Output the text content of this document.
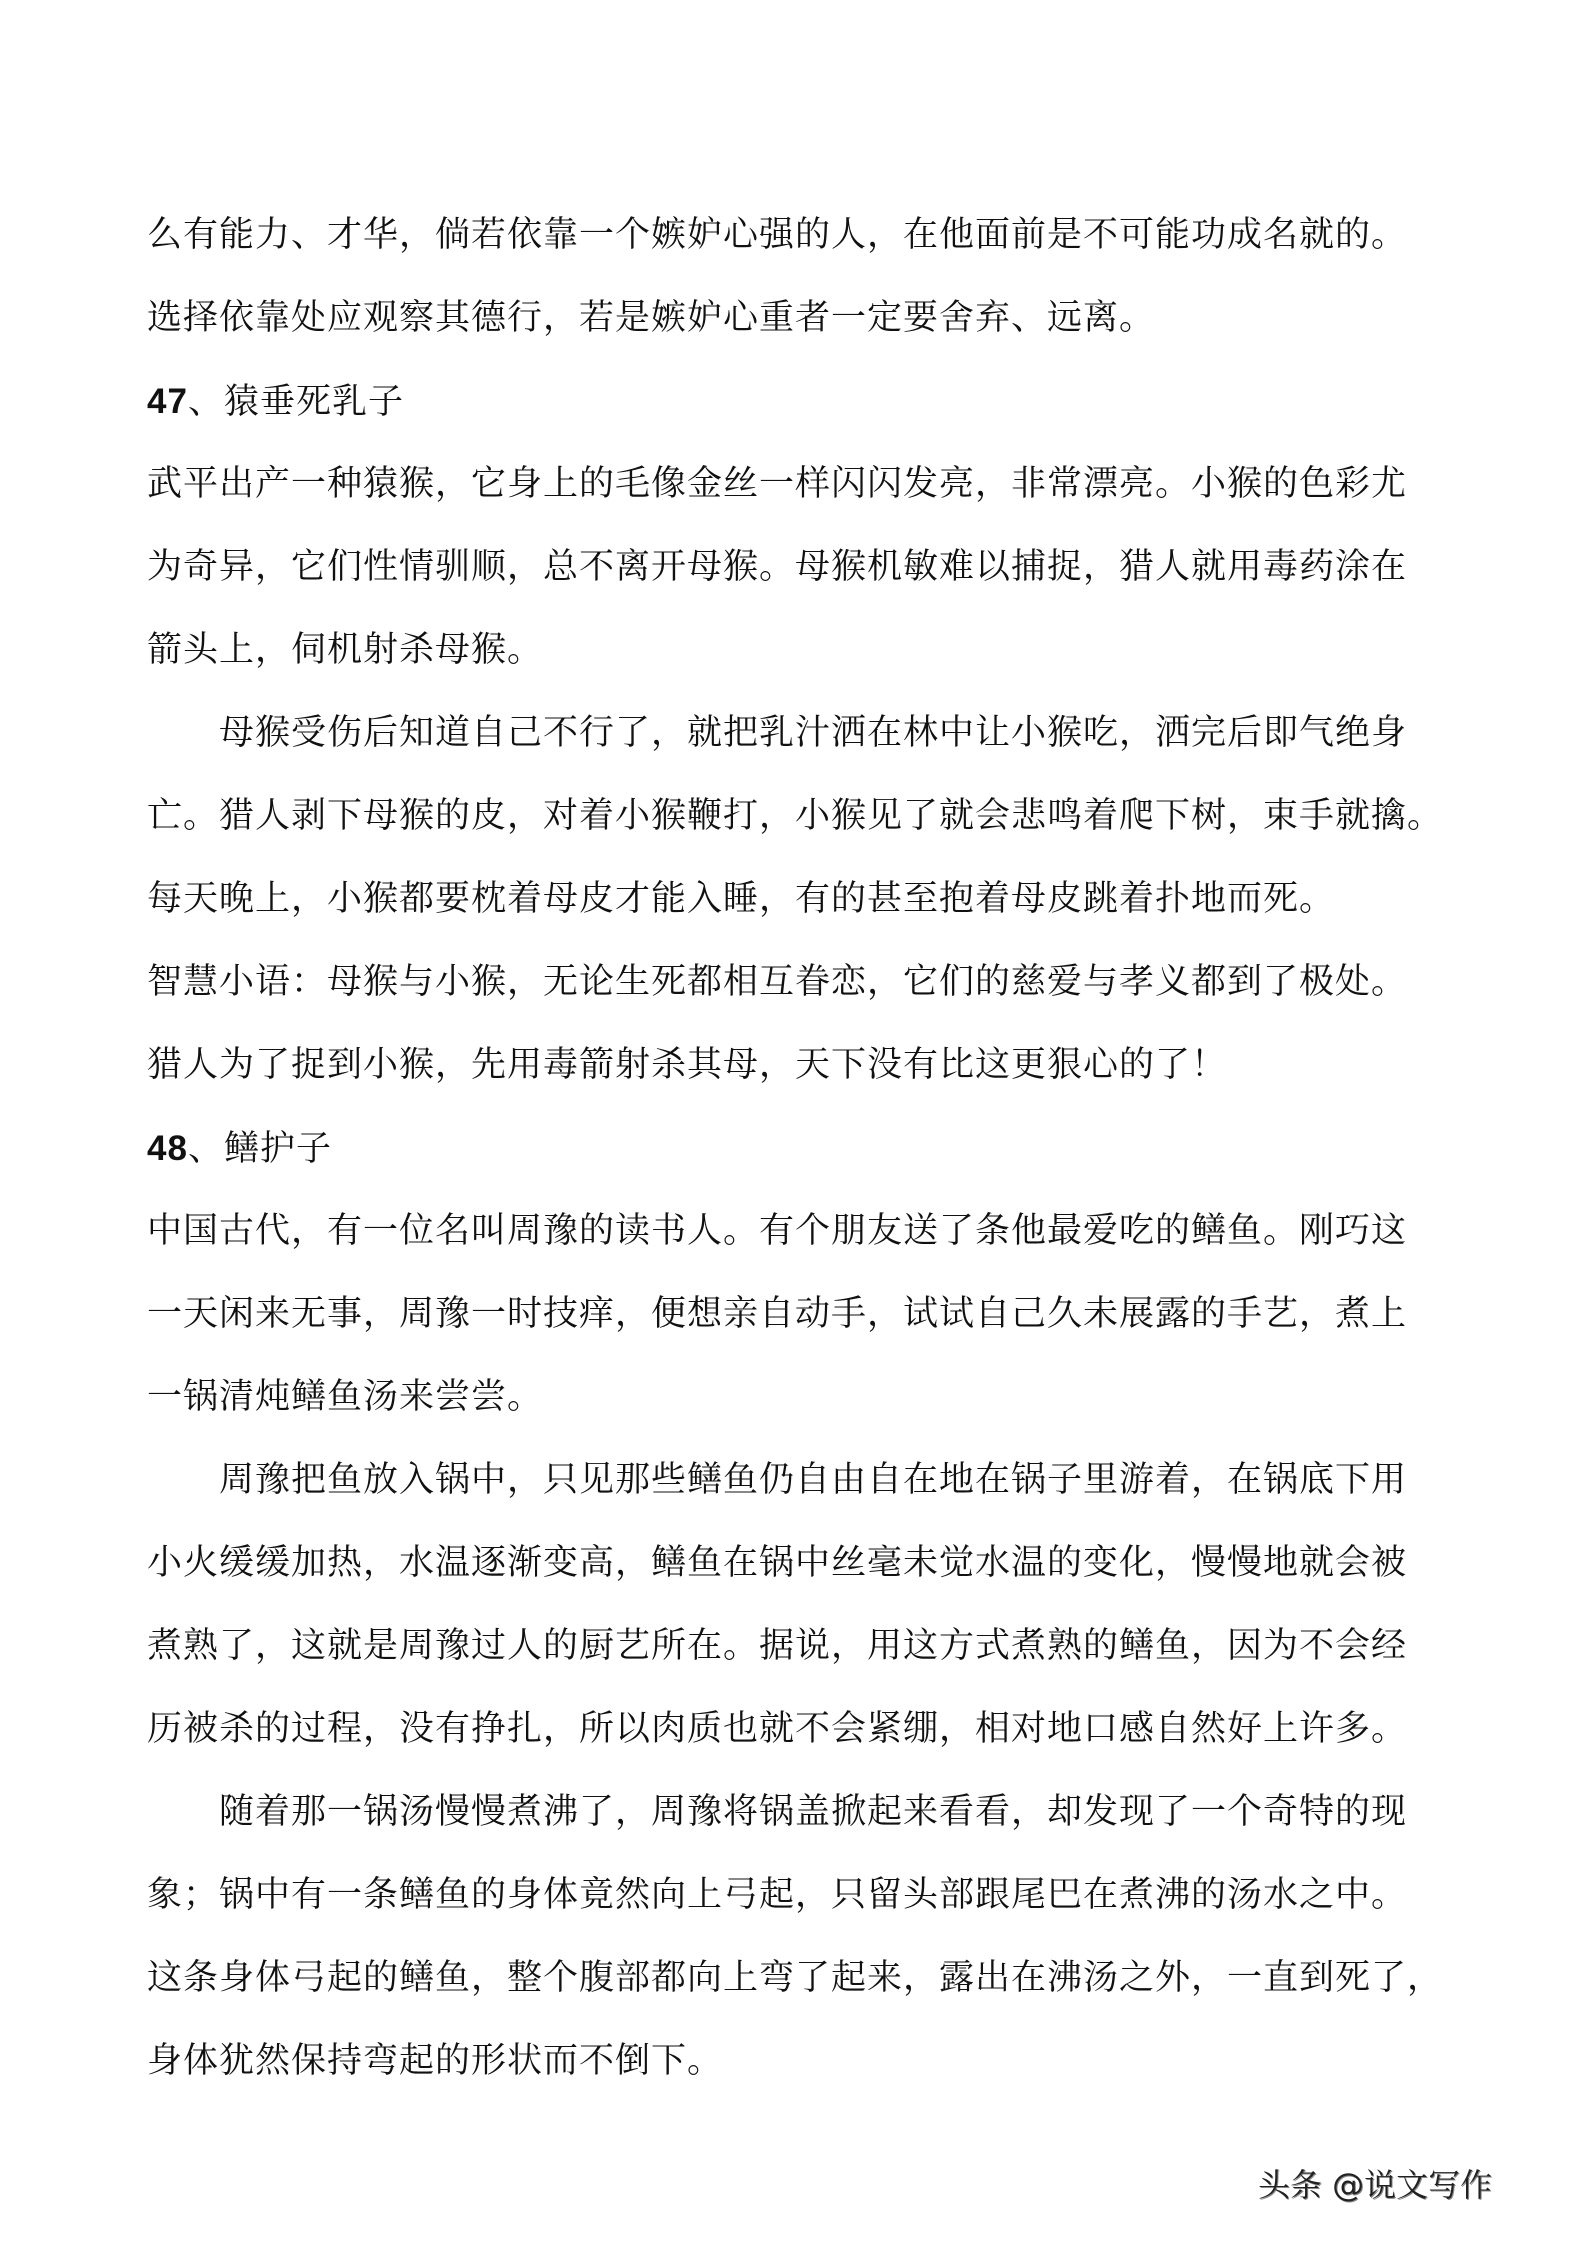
么有能力、才华，倘若依靠一个嫉妒心强的人，在他面前是不可能功成名就的。
选择依靠处应观察其德行，若是嫉妒心重者一定要舍弃、远离。
47、猿垂死乳子
武平出产一种猿猴，它身上的毛像金丝一样闪闪发亮，非常漂亮。小猴的色彩尤
为奇异，它们性情驯顺，总不离开母猴。母猴机敏难以捕捉，猎人就用毒药涂在
箭头上，伺机射杀母猴。
母猴受伤后知道自己不行了，就把乳汁洒在林中让小猴吃，洒完后即气绝身
亡。猎人剥下母猴的皮，对着小猴鞭打，小猴见了就会悲鸣着爬下树，束手就擒。
每天晚上，小猴都要枕着母皮才能入睡，有的甚至抱着母皮跳着扑地而死。
智慧小语：母猴与小猴，无论生死都相互眷恋，它们的慈爱与孝义都到了极处。
猎人为了捉到小猴，先用毒箭射杀其母，天下没有比这更狠心的了！
48、鳝护子
中国古代，有一位名叫周豫的读书人。有个朋友送了条他最爱吃的鳝鱼。刚巧这
一天闲来无事，周豫一时技痒，便想亲自动手，试试自己久未展露的手艺，煮上
一锅清炖鳝鱼汤来尝尝。
周豫把鱼放入锅中，只见那些鳝鱼仍自由自在地在锅子里游着，在锅底下用
小火缓缓加热，水温逐渐变高，鳝鱼在锅中丝毫未觉水温的变化，慢慢地就会被
煮熟了，这就是周豫过人的厨艺所在。据说，用这方式煮熟的鳝鱼，因为不会经
历被杀的过程，没有挣扎，所以肉质也就不会紧绷，相对地口感自然好上许多。
随着那一锅汤慢慢煮沸了，周豫将锅盖掀起来看看，却发现了一个奇特的现
象；锅中有一条鳝鱼的身体竟然向上弓起，只留头部跟尾巴在煮沸的汤水之中。
这条身体弓起的鳝鱼，整个腹部都向上弯了起来，露出在沸汤之外，一直到死了，
身体犹然保持弯起的形状而不倒下。
头条 @说文写作
